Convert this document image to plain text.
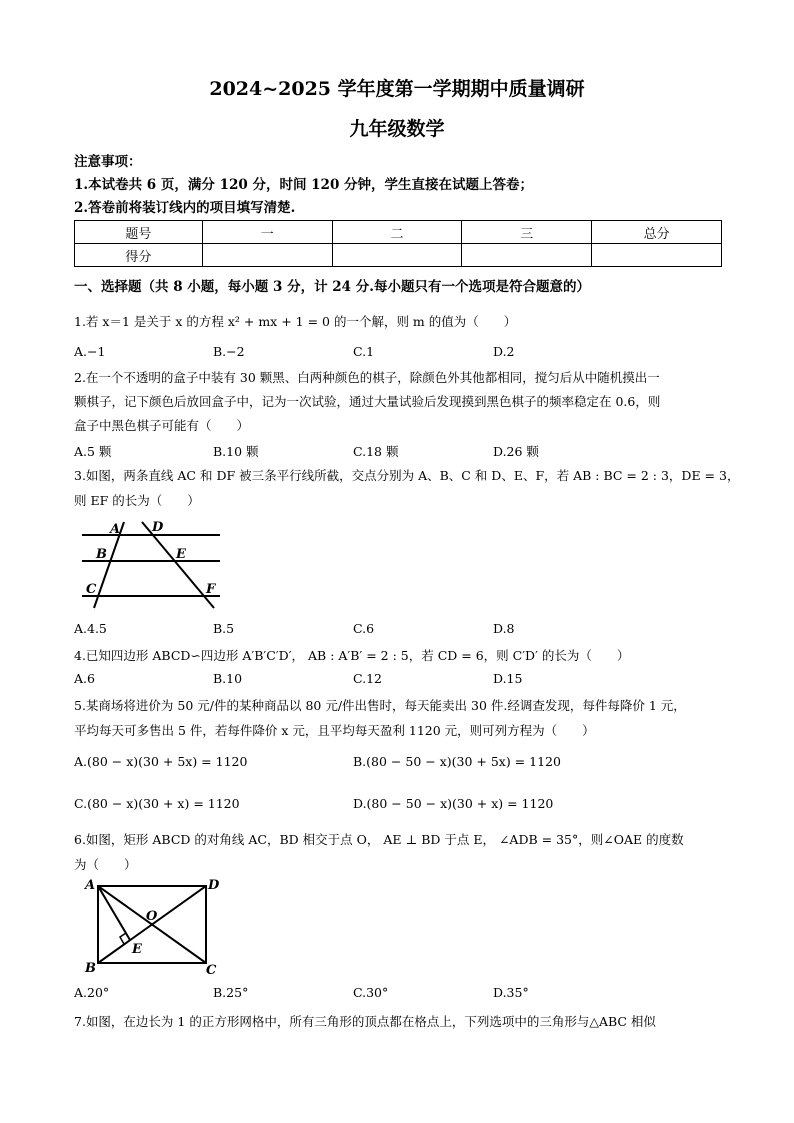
2024~2025 学年度第一学期期中质量调研
九年级数学
注意事项：
1.本试卷共 6 页，满分 120 分，时间 120 分钟，学生直接在试题上答卷；
2.答卷前将装订线内的项目填写清楚.
题号	一	二	三	总分
得分				
一、选择题（共 8 小题，每小题 3 分，计 24 分.每小题只有一个选项是符合题意的）
1.若 x＝1 是关于 x 的方程 x² + mx + 1 = 0 的一个解，则 m 的值为（　　）
A.−1	B.−2	C.1	D.2
2.在一个不透明的盒子中装有 30 颗黑、白两种颜色的棋子，除颜色外其他都相同，搅匀后从中随机摸出一
颗棋子，记下颜色后放回盒子中，记为一次试验，通过大量试验后发现摸到黑色棋子的频率稳定在 0.6，则
盒子中黑色棋子可能有（　　）
A.5 颗	B.10 颗	C.18 颗	D.26 颗
3.如图，两条直线 AC 和 DF 被三条平行线所截，交点分别为 A、B、C 和 D、E、F，若 AB : BC = 2 : 3，DE = 3，
则 EF 的长为（　　）
A
B
C
D
E
F
A.4.5	B.5	C.6	D.8
4.已知四边形 ABCD∽四边形 A′B′C′D′， AB : A′B′ = 2 : 5，若 CD = 6，则 C′D′ 的长为（　　）
A.6	B.10	C.12	D.15
5.某商场将进价为 50 元/件的某种商品以 80 元/件出售时，每天能卖出 30 件.经调查发现，每件每降价 1 元，
平均每天可多售出 5 件，若每件降价 x 元，且平均每天盈利 1120 元，则可列方程为（　　）
A.(80 − x)(30 + 5x) = 1120	B.(80 − 50 − x)(30 + 5x) = 1120
C.(80 − x)(30 + x) = 1120	D.(80 − 50 − x)(30 + x) = 1120
6.如图，矩形 ABCD 的对角线 AC，BD 相交于点 O， AE ⊥ BD 于点 E， ∠ADB = 35°，则∠OAE 的度数
为（　　）
A	D
O
E
B	C
A.20°	B.25°	C.30°	D.35°
7.如图，在边长为 1 的正方形网格中，所有三角形的顶点都在格点上，下列选项中的三角形与△ABC 相似
